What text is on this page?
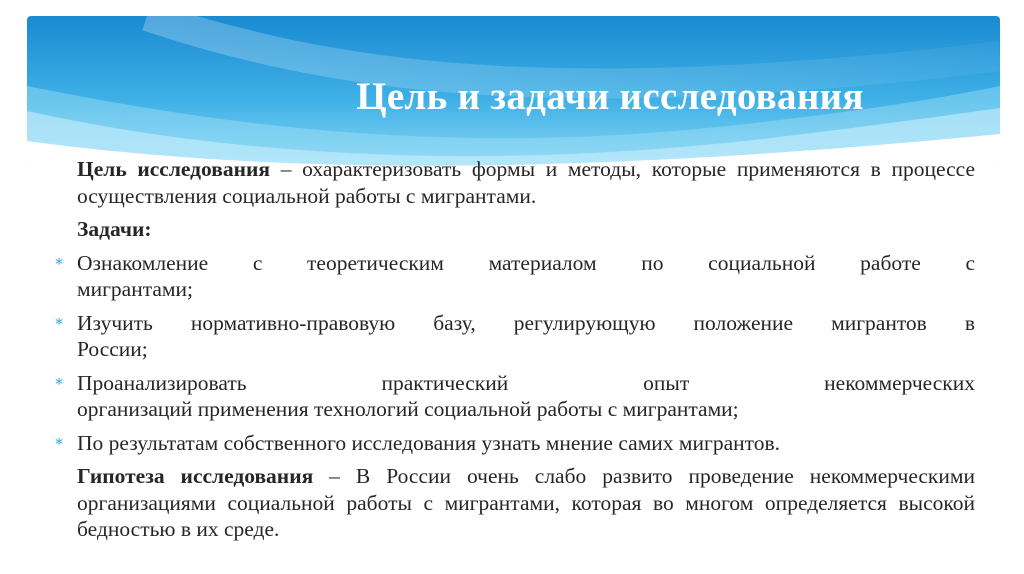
Цель и задачи исследования

Цель исследования – охарактеризовать формы и методы, которые применяются в процессе осуществления социальной работы с мигрантами.

Задачи:

∗ Ознакомление с теоретическим материалом по социальной работе с
мигрантами;
∗ Изучить нормативно-правовую базу, регулирующую положение мигрантов в
России;
∗ Проанализировать практический опыт некоммерческих
организаций применения технологий социальной работы с мигрантами;
∗ По результатам собственного исследования узнать мнение самих мигрантов.

Гипотеза исследования – В России очень слабо развито проведение некоммерческими организациями социальной работы с мигрантами, которая во многом определяется высокой бедностью в их среде.
